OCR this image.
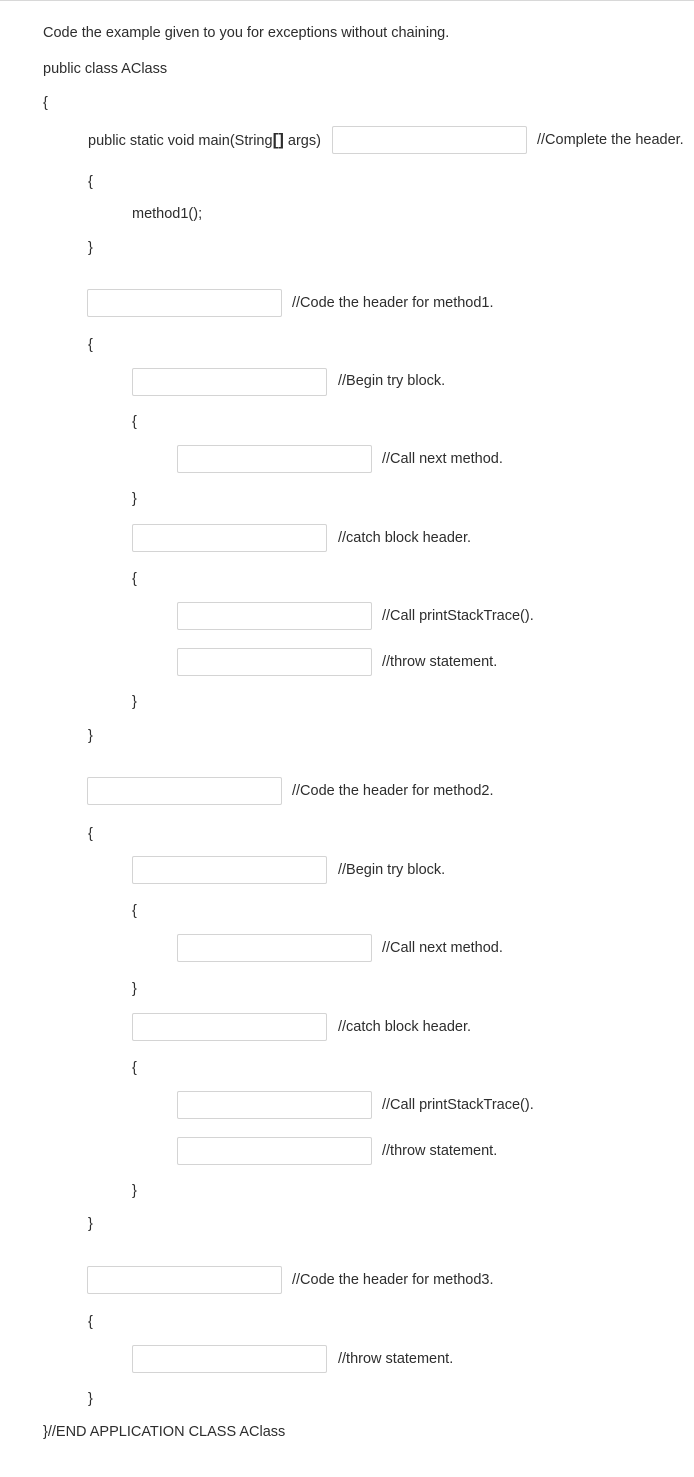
Code the example given to you for exceptions without chaining.
public class AClass
{
public static void main(String[] args)	//Complete the header.
{
method1();
}
//Code the header for method1.
{
//Begin try block.
{
//Call next method.
}
//catch block header.
{
//Call printStackTrace().
//throw statement.
}
}
//Code the header for method2.
{
//Begin try block.
{
//Call next method.
}
//catch block header.
{
//Call printStackTrace().
//throw statement.
}
}
//Code the header for method3.
{
//throw statement.
}
}//END APPLICATION CLASS AClass
